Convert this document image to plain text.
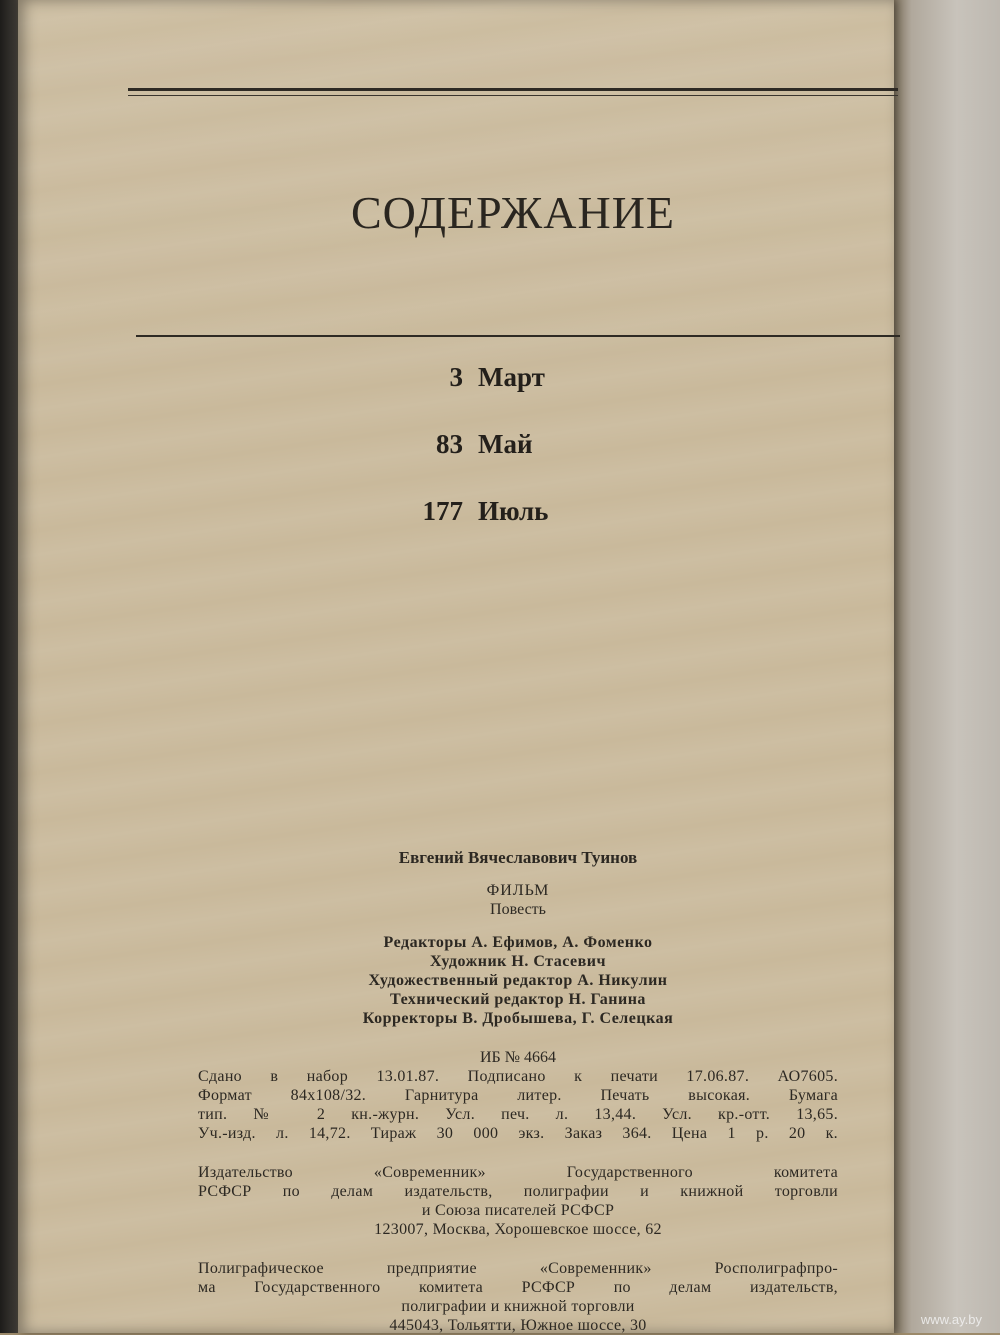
СОДЕРЖАНИЕ
3 Март
83 Май
177 Июль
Евгений Вячеславович Туинов
ФИЛЬМ
Повесть
Редакторы А. Ефимов, А. Фоменко
Художник Н. Стасевич
Художественный редактор А. Никулин
Технический редактор Н. Ганина
Корректоры В. Дробышева, Г. Селецкая
ИБ № 4664
Сдано в набор 13.01.87. Подписано к печати 17.06.87. АО7605.
Формат 84х108/32. Гарнитура литер. Печать высокая. Бумага
тип. № 2 кн.-журн. Усл. печ. л. 13,44. Усл. кр.-отт. 13,65.
Уч.-изд. л. 14,72. Тираж 30 000 экз. Заказ 364. Цена 1 р. 20 к.
Издательство «Современник» Государственного комитета
РСФСР по делам издательств, полиграфии и книжной торговли
и Союза писателей РСФСР
123007, Москва, Хорошевское шоссе, 62
Полиграфическое предприятие «Современник» Росполиграфпро-
ма Государственного комитета РСФСР по делам издательств,
полиграфии и книжной торговли
445043, Тольятти, Южное шоссе, 30	www.ay.by
